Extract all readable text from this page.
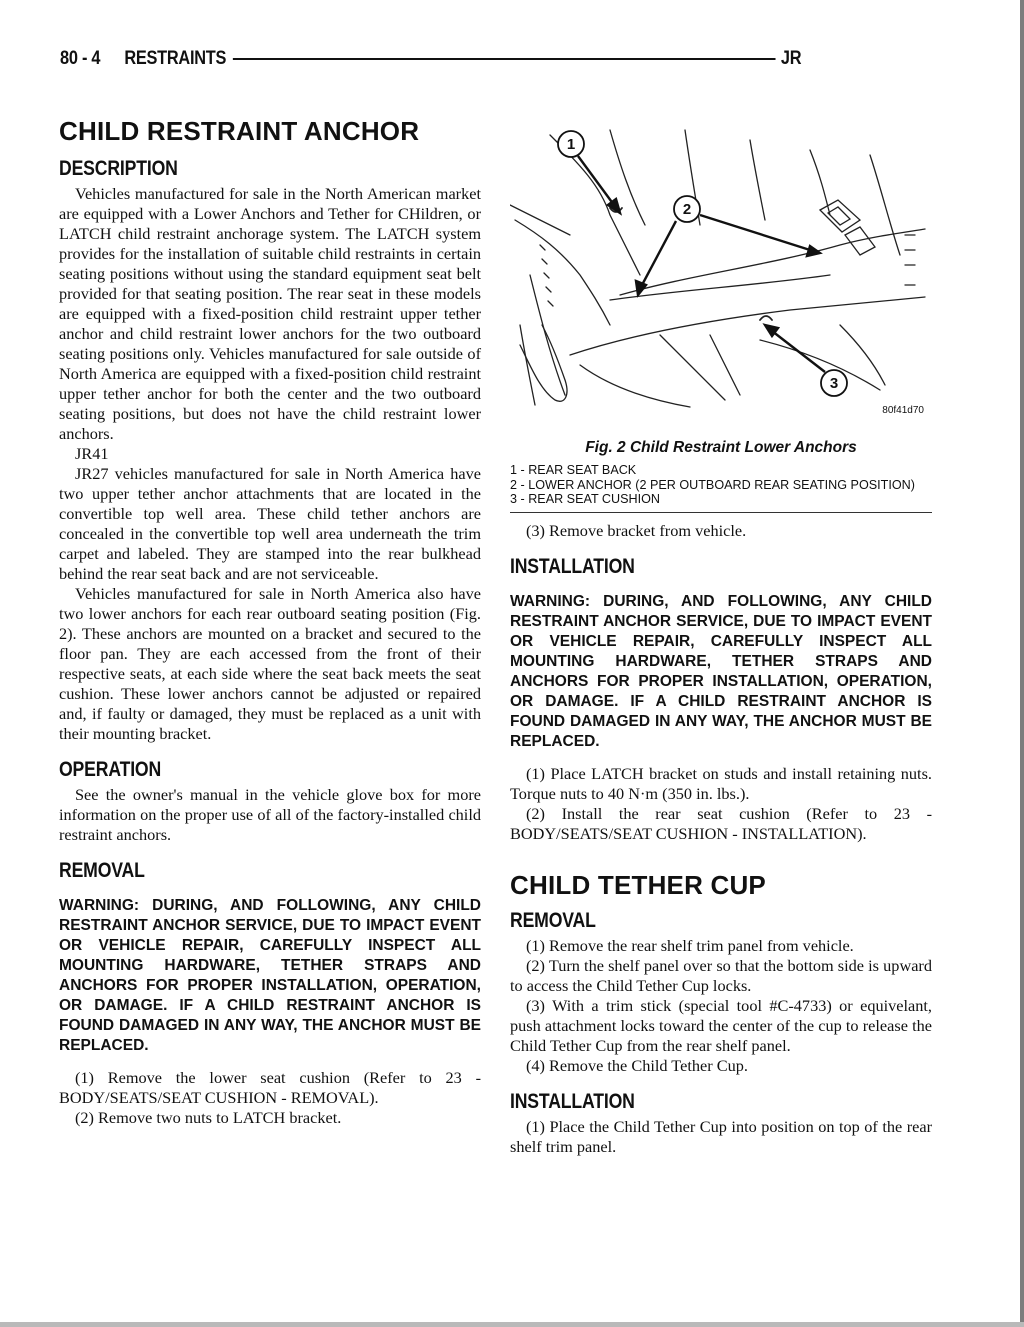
80 - 4 RESTRAINTS	JR
CHILD RESTRAINT ANCHOR
DESCRIPTION

Vehicles manufactured for sale in the North American market are equipped with a Lower Anchors and Tether for CHildren, or LATCH child restraint anchorage system. The LATCH system provides for the installation of suitable child restraints in certain seating positions without using the standard equipment seat belt provided for that seating position. The rear seat in these models are equipped with a fixed-position child restraint upper tether anchor and child restraint lower anchors for the two outboard seating positions only. Vehicles manufactured for sale outside of North America are equipped with a fixed-position child restraint upper tether anchor for both the center and the two outboard seating positions, but does not have the child restraint lower anchors.

JR41

JR27 vehicles manufactured for sale in North America have two upper tether anchor attachments that are located in the convertible top well area. These child tether anchors are concealed in the convertible top well area underneath the trim carpet and labeled. They are stamped into the rear bulkhead behind the rear seat back and are not serviceable.

Vehicles manufactured for sale in North America also have two lower anchors for each rear outboard seating position (Fig. 2). These anchors are mounted on a bracket and secured to the floor pan. They are each accessed from the front of their respective seats, at each side where the seat back meets the seat cushion. These lower anchors cannot be adjusted or repaired and, if faulty or damaged, they must be replaced as a unit with their mounting bracket.

OPERATION

See the owner's manual in the vehicle glove box for more information on the proper use of all of the factory-installed child restraint anchors.

REMOVAL
WARNING: DURING, AND FOLLOWING, ANY CHILD RESTRAINT ANCHOR SERVICE, DUE TO IMPACT EVENT OR VEHICLE REPAIR, CAREFULLY INSPECT ALL MOUNTING HARDWARE, TETHER STRAPS AND ANCHORS FOR PROPER INSTALLATION, OPERATION, OR DAMAGE. IF A CHILD RESTRAINT ANCHOR IS FOUND DAMAGED IN ANY WAY, THE ANCHOR MUST BE REPLACED.

(1) Remove the lower seat cushion (Refer to 23 - BODY/SEATS/SEAT CUSHION - REMOVAL).

(2) Remove two nuts to LATCH bracket.

1
2
3
80f41d70
Fig. 2 Child Restraint Lower Anchors
1 - REAR SEAT BACK
2 - LOWER ANCHOR (2 PER OUTBOARD REAR SEATING POSITION)
3 - REAR SEAT CUSHION

(3) Remove bracket from vehicle.

INSTALLATION
WARNING: DURING, AND FOLLOWING, ANY CHILD RESTRAINT ANCHOR SERVICE, DUE TO IMPACT EVENT OR VEHICLE REPAIR, CAREFULLY INSPECT ALL MOUNTING HARDWARE, TETHER STRAPS AND ANCHORS FOR PROPER INSTALLATION, OPERATION, OR DAMAGE. IF A CHILD RESTRAINT ANCHOR IS FOUND DAMAGED IN ANY WAY, THE ANCHOR MUST BE REPLACED.

(1) Place LATCH bracket on studs and install retaining nuts. Torque nuts to 40 N·m (350 in. lbs.).

(2) Install the rear seat cushion (Refer to 23 - BODY/SEATS/SEAT CUSHION - INSTALLATION).

CHILD TETHER CUP
REMOVAL

(1) Remove the rear shelf trim panel from vehicle.

(2) Turn the shelf panel over so that the bottom side is upward to access the Child Tether Cup locks.

(3) With a trim stick (special tool #C-4733) or equivelant, push attachment locks toward the center of the cup to release the Child Tether Cup from the rear shelf panel.

(4) Remove the Child Tether Cup.

INSTALLATION

(1) Place the Child Tether Cup into position on top of the rear shelf trim panel.
